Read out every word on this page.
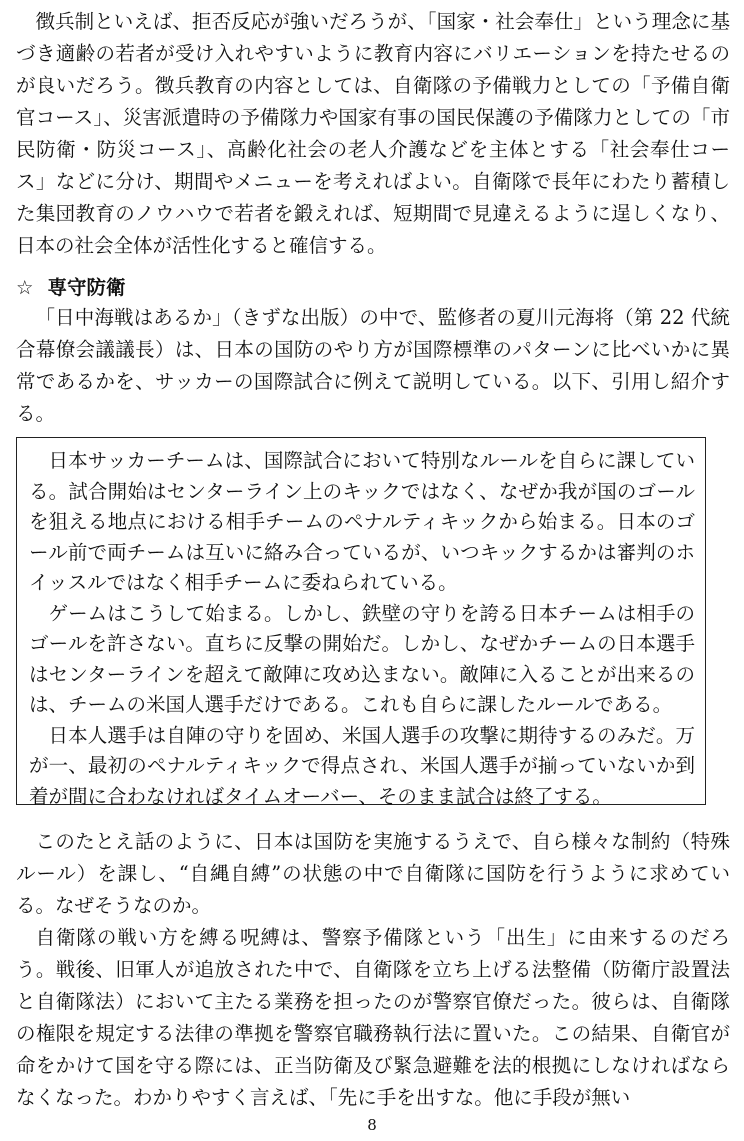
徴兵制といえば、拒否反応が強いだろうが、「国家・社会奉仕」という理念に基づき適齢の若者が受け入れやすいように教育内容にバリエーションを持たせるのが良いだろう。徴兵教育の内容としては、自衛隊の予備戦力としての「予備自衛官コース」、災害派遣時の予備隊力や国家有事の国民保護の予備隊力としての「市民防衛・防災コース」、高齢化社会の老人介護などを主体とする「社会奉仕コース」などに分け、期間やメニューを考えればよい。自衛隊で長年にわたり蓄積した集団教育のノウハウで若者を鍛えれば、短期間で見違えるように逞しくなり、日本の社会全体が活性化すると確信する。

☆ 専守防衛

「日中海戦はあるか」（きずな出版）の中で、監修者の夏川元海将（第 22 代統合幕僚会議議長）は、日本の国防のやり方が国際標準のパターンに比べいかに異常であるかを、サッカーの国際試合に例えて説明している。以下、引用し紹介する。

日本サッカーチームは、国際試合において特別なルールを自らに課している。試合開始はセンターライン上のキックではなく、なぜか我が国のゴールを狙える地点における相手チームのペナルティキックから始まる。日本のゴール前で両チームは互いに絡み合っているが、いつキックするかは審判のホイッスルではなく相手チームに委ねられている。

ゲームはこうして始まる。しかし、鉄壁の守りを誇る日本チームは相手のゴールを許さない。直ちに反撃の開始だ。しかし、なぜかチームの日本選手はセンターラインを超えて敵陣に攻め込まない。敵陣に入ることが出来るのは、チームの米国人選手だけである。これも自らに課したルールである。

日本人選手は自陣の守りを固め、米国人選手の攻撃に期待するのみだ。万が一、最初のペナルティキックで得点され、米国人選手が揃っていないか到着が間に合わなければタイムオーバー、そのまま試合は終了する。

このたとえ話のように、日本は国防を実施するうえで、自ら様々な制約（特殊ルール）を課し、“自縄自縛”の状態の中で自衛隊に国防を行うように求めている。なぜそうなのか。

自衛隊の戦い方を縛る呪縛は、警察予備隊という「出生」に由来するのだろう。戦後、旧軍人が追放された中で、自衛隊を立ち上げる法整備（防衛庁設置法と自衛隊法）において主たる業務を担ったのが警察官僚だった。彼らは、自衛隊の権限を規定する法律の準拠を警察官職務執行法に置いた。この結果、自衛官が命をかけて国を守る際には、正当防衛及び緊急避難を法的根拠にしなければならなくなった。わかりやすく言えば、「先に手を出すな。他に手段が無い

8
